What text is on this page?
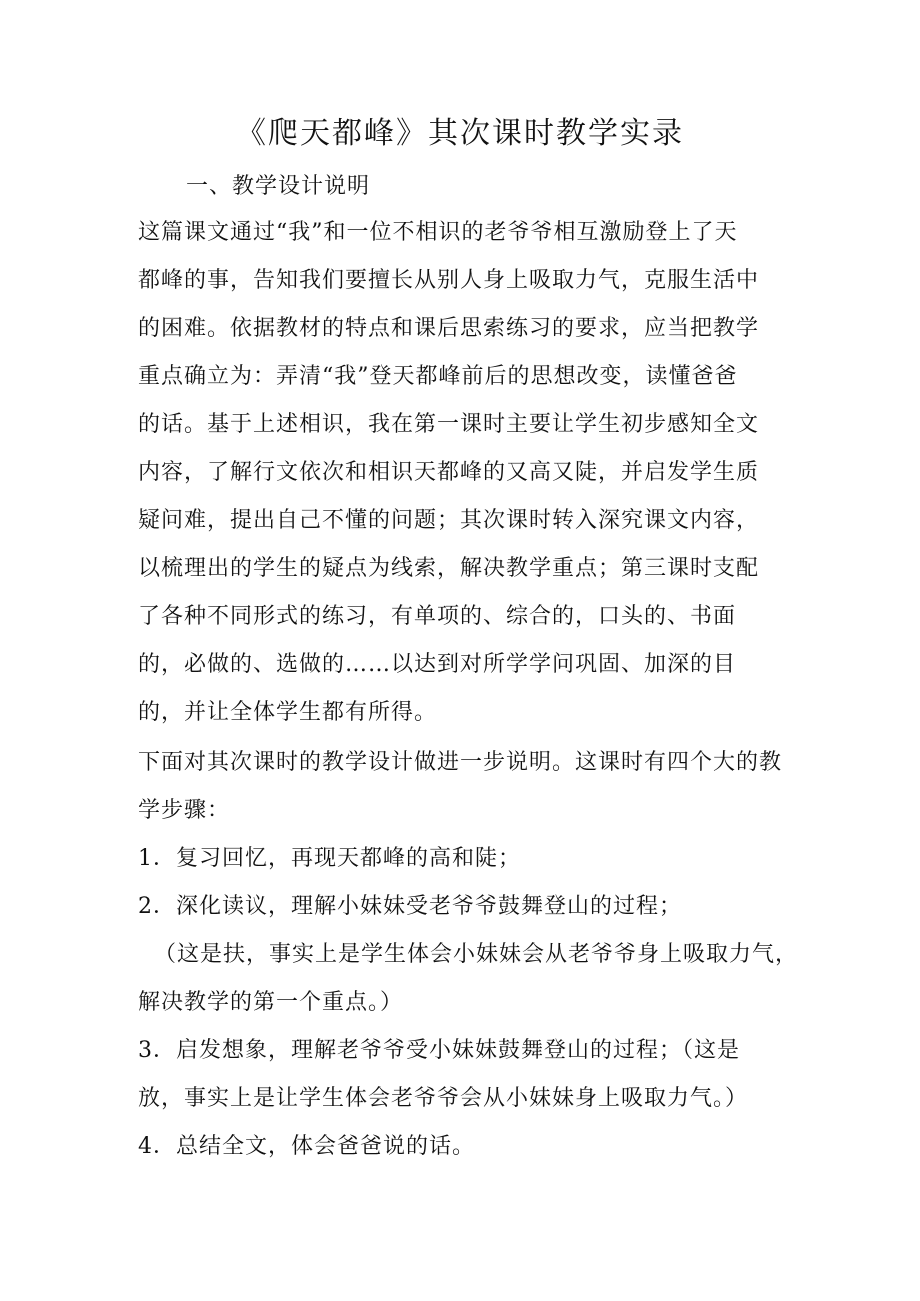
《爬天都峰》其次课时教学实录
一、教学设计说明
这篇课文通过“我”和一位不相识的老爷爷相互激励登上了天
都峰的事，告知我们要擅长从别人身上吸取力气，克服生活中
的困难。依据教材的特点和课后思索练习的要求，应当把教学
重点确立为：弄清“我”登天都峰前后的思想改变，读懂爸爸
的话。基于上述相识，我在第一课时主要让学生初步感知全文
内容，了解行文依次和相识天都峰的又高又陡，并启发学生质
疑问难，提出自己不懂的问题；其次课时转入深究课文内容，
以梳理出的学生的疑点为线索，解决教学重点；第三课时支配
了各种不同形式的练习，有单项的、综合的，口头的、书面
的，必做的、选做的……以达到对所学学问巩固、加深的目
的，并让全体学生都有所得。
下面对其次课时的教学设计做进一步说明。这课时有四个大的教
学步骤：
1．复习回忆，再现天都峰的高和陡；
2．深化读议，理解小妹妹受老爷爷鼓舞登山的过程；
（这是扶，事实上是学生体会小妹妹会从老爷爷身上吸取力气，
解决教学的第一个重点。）
3．启发想象，理解老爷爷受小妹妹鼓舞登山的过程；（这是
放，事实上是让学生体会老爷爷会从小妹妹身上吸取力气。）
4．总结全文，体会爸爸说的话。
